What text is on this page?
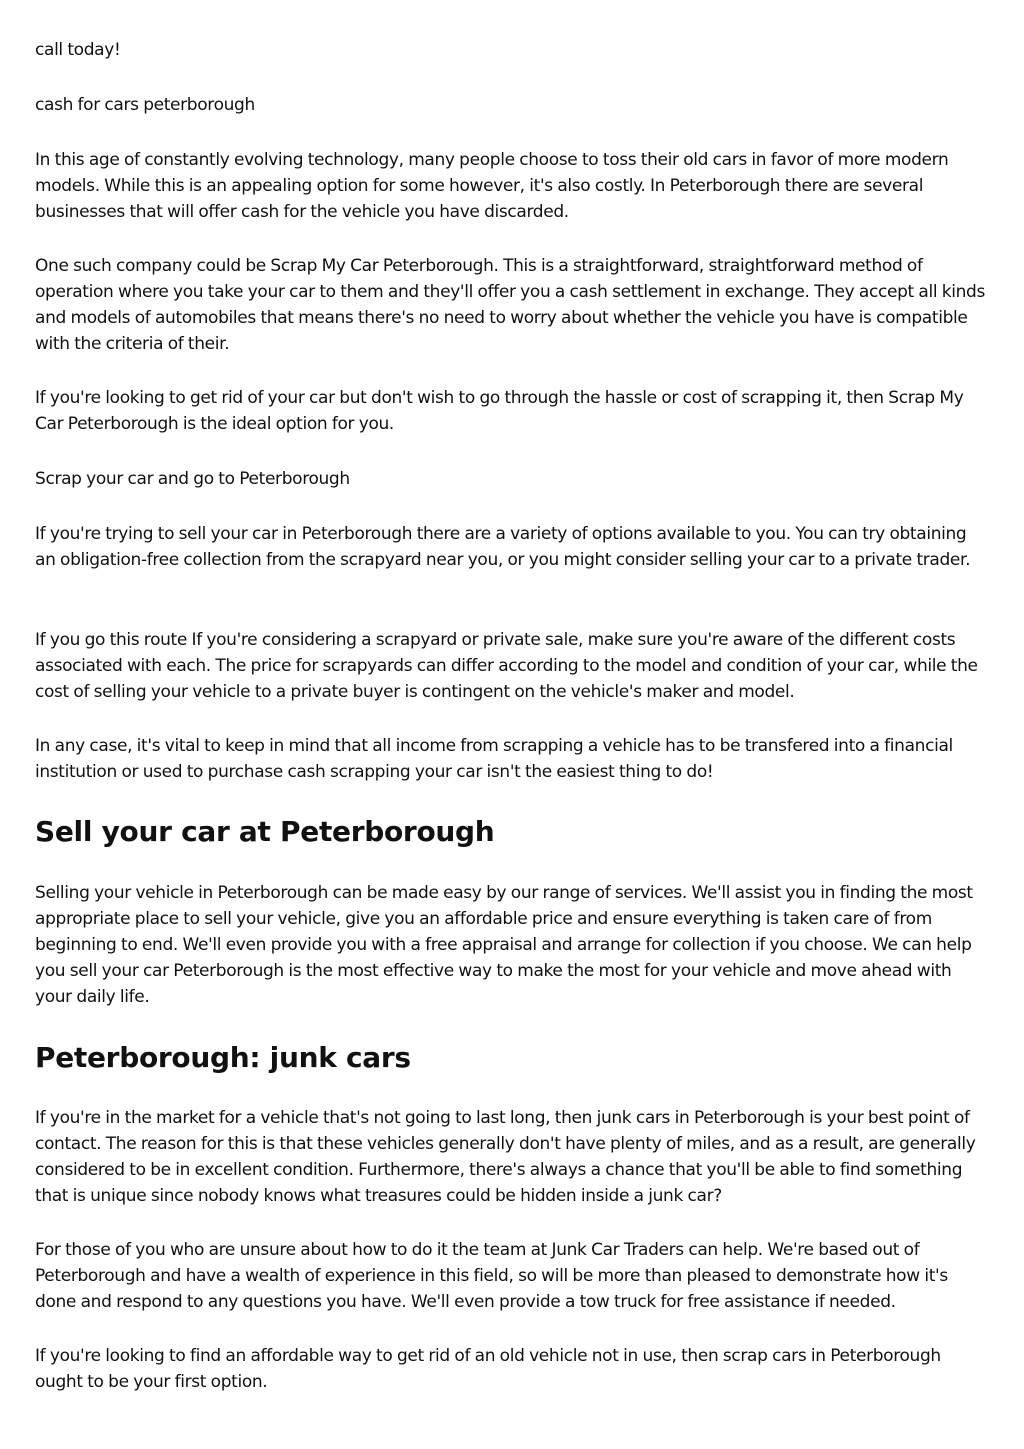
call today!

cash for cars peterborough

In this age of constantly evolving technology, many people choose to toss their old cars in favor of more modern models. While this is an appealing option for some however, it's also costly. In Peterborough there are several businesses that will offer cash for the vehicle you have discarded.

One such company could be Scrap My Car Peterborough. This is a straightforward, straightforward method of operation where you take your car to them and they'll offer you a cash settlement in exchange. They accept all kinds and models of automobiles that means there's no need to worry about whether the vehicle you have is compatible with the criteria of their.

If you're looking to get rid of your car but don't wish to go through the hassle or cost of scrapping it, then Scrap My Car Peterborough is the ideal option for you.

Scrap your car and go to Peterborough

If you're trying to sell your car in Peterborough there are a variety of options available to you. You can try obtaining an obligation-free collection from the scrapyard near you, or you might consider selling your car to a private trader.

If you go this route If you're considering a scrapyard or private sale, make sure you're aware of the different costs associated with each. The price for scrapyards can differ according to the model and condition of your car, while the cost of selling your vehicle to a private buyer is contingent on the vehicle's maker and model.

In any case, it's vital to keep in mind that all income from scrapping a vehicle has to be transfered into a financial institution or used to purchase cash scrapping your car isn't the easiest thing to do!

Sell your car at Peterborough

Selling your vehicle in Peterborough can be made easy by our range of services. We'll assist you in finding the most appropriate place to sell your vehicle, give you an affordable price and ensure everything is taken care of from beginning to end. We'll even provide you with a free appraisal and arrange for collection if you choose. We can help you sell your car Peterborough is the most effective way to make the most for your vehicle and move ahead with your daily life.

Peterborough: junk cars

If you're in the market for a vehicle that's not going to last long, then junk cars in Peterborough is your best point of contact. The reason for this is that these vehicles generally don't have plenty of miles, and as a result, are generally considered to be in excellent condition. Furthermore, there's always a chance that you'll be able to find something that is unique since nobody knows what treasures could be hidden inside a junk car?

For those of you who are unsure about how to do it the team at Junk Car Traders can help. We're based out of Peterborough and have a wealth of experience in this field, so will be more than pleased to demonstrate how it's done and respond to any questions you have. We'll even provide a tow truck for free assistance if needed.

If you're looking to find an affordable way to get rid of an old vehicle not in use, then scrap cars in Peterborough ought to be your first option.
